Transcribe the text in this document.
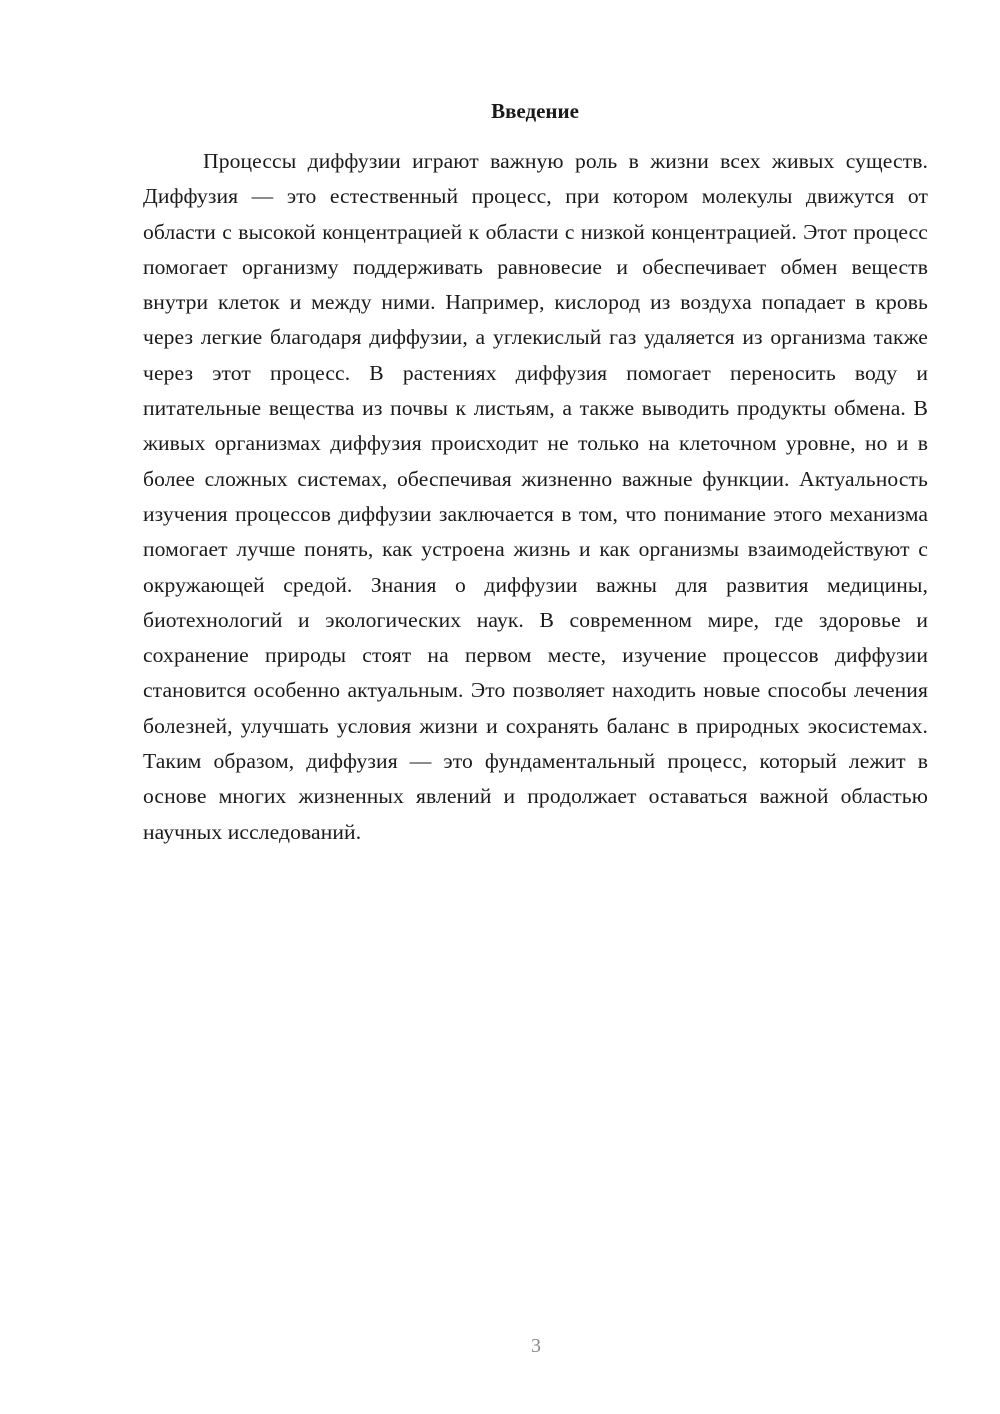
Введение

Процессы диффузии играют важную роль в жизни всех живых существ. Диффузия — это естественный процесс, при котором молекулы движутся от области с высокой концентрацией к области с низкой концентрацией. Этот процесс помогает организму поддерживать равновесие и обеспечивает обмен веществ внутри клеток и между ними. Например, кислород из воздуха попадает в кровь через легкие благодаря диффузии, а углекислый газ удаляется из организма также через этот процесс. В растениях диффузия помогает переносить воду и питательные вещества из почвы к листьям, а также выводить продукты обмена. В живых организмах диффузия происходит не только на клеточном уровне, но и в более сложных системах, обеспечивая жизненно важные функции. Актуальность изучения процессов диффузии заключается в том, что понимание этого механизма помогает лучше понять, как устроена жизнь и как организмы взаимодействуют с окружающей средой. Знания о диффузии важны для развития медицины, биотехнологий и экологических наук. В современном мире, где здоровье и сохранение природы стоят на первом месте, изучение процессов диффузии становится особенно актуальным. Это позволяет находить новые способы лечения болезней, улучшать условия жизни и сохранять баланс в природных экосистемах. Таким образом, диффузия — это фундаментальный процесс, который лежит в основе многих жизненных явлений и продолжает оставаться важной областью научных исследований.

3
